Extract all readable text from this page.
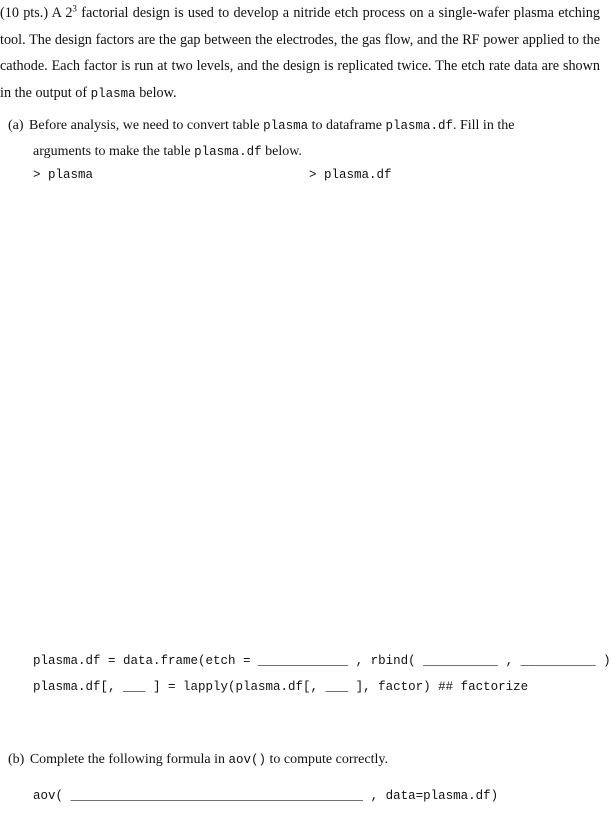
(10 pts.) A $2^3$ factorial design is used to develop a nitride etch process on a single-wafer plasma etching tool. The design factors are the gap between the electrodes, the gas flow, and the RF power applied to the cathode. Each factor is run at two levels, and the design is replicated twice. The etch rate data are shown in the output of plasma below.

(a) Before analysis, we need to convert table plasma to dataframe plasma.df. Fill in the
arguments to make the table plasma.df below.
> plasma	> plasma.df
plasma.df = data.frame(etch = ____________ , rbind( __________ , __________ )
plasma.df[, ___ ] = lapply(plasma.df[, ___ ], factor) ## factorize
(b) Complete the following formula in aov() to compute correctly.
aov( _______________________________________ , data=plasma.df)
